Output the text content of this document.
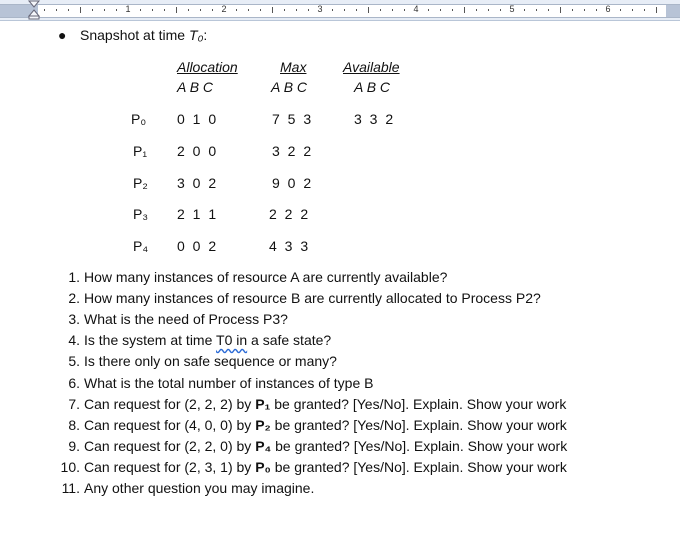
1	2	3	4	5	6
● Snapshot at time T₀:
Allocation	Max	Available
A B C	A B C	A B C
P₀ 0 1 0	7 5 3	3 3 2
P₁ 2 0 0	3 2 2
P₂ 3 0 2	9 0 2
P₃ 2 1 1	2 2 2
P₄ 0 0 2	4 3 3
1. How many instances of resource A are currently available?
2. How many instances of resource B are currently allocated to Process P2?
3. What is the need of Process P3?
4. Is the system at time T0 in a safe state?
5. Is there only on safe sequence or many?
6. What is the total number of instances of type B
7. Can request for (2, 2, 2) by P₁ be granted? [Yes/No]. Explain. Show your work
8. Can request for (4, 0, 0) by P₂ be granted? [Yes/No]. Explain. Show your work
9. Can request for (2, 2, 0) by P₄ be granted? [Yes/No]. Explain. Show your work
10. Can request for (2, 3, 1) by P₀ be granted? [Yes/No]. Explain. Show your work
11. Any other question you may imagine.
